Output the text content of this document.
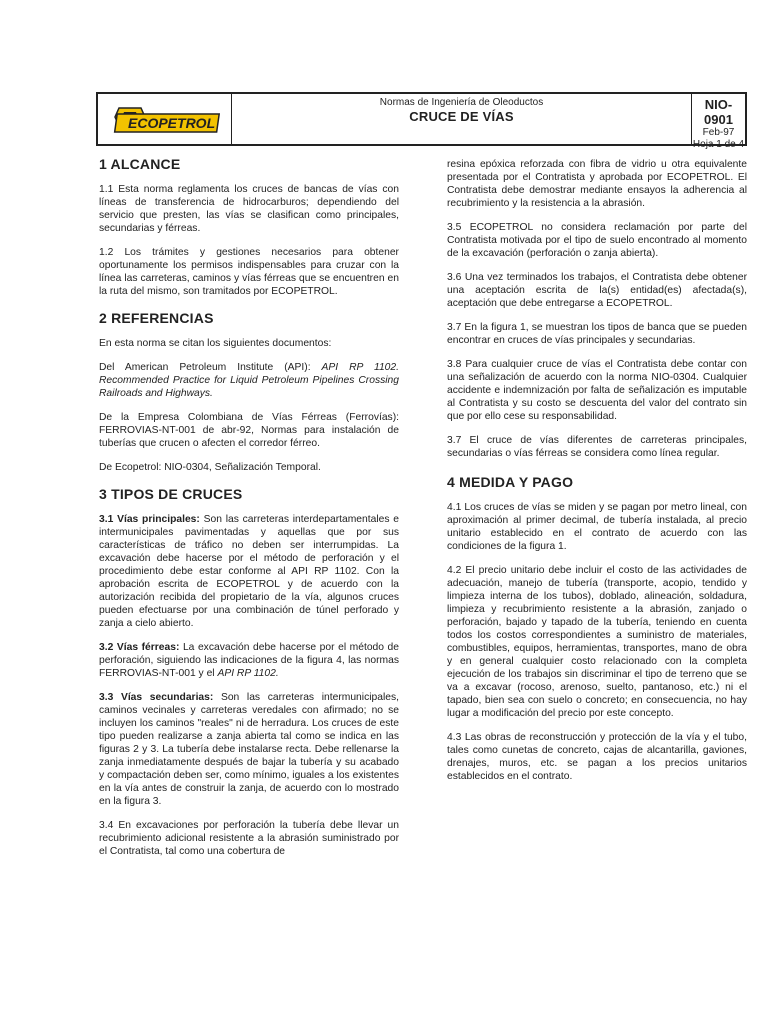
ECOPETROL
Normas de Ingeniería de Oleoductos
CRUCE DE VÍAS
NIO-0901
Feb-97
Hoja 1 de 4
1 ALCANCE

1.1 Esta norma reglamenta los cruces de bancas de vías con líneas de transferencia de hidrocarburos; dependiendo del servicio que presten, las vías se clasifican como principales, secundarias y férreas.

1.2 Los trámites y gestiones necesarios para obtener oportunamente los permisos indispensables para cruzar con la línea las carreteras, caminos y vías férreas que se encuentren en la ruta del mismo, son tramitados por ECOPETROL.

2 REFERENCIAS

En esta norma se citan los siguientes documentos:

Del American Petroleum Institute (API): API RP 1102. Recommended Practice for Liquid Petroleum Pipelines Crossing Railroads and Highways.

De la Empresa Colombiana de Vías Férreas (Ferrovías): FERROVIAS-NT-001 de abr-92, Normas para instalación de tuberías que crucen o afecten el corredor férreo.

De Ecopetrol: NIO-0304, Señalización Temporal.

3 TIPOS DE CRUCES

3.1 Vías principales: Son las carreteras interdepartamentales e intermunicipales pavimentadas y aquellas que por sus características de tráfico no deben ser interrumpidas. La excavación debe hacerse por el método de perforación y el procedimiento debe estar conforme al API RP 1102. Con la aprobación escrita de ECOPETROL y de acuerdo con la autorización recibida del propietario de la vía, algunos cruces pueden efectuarse por una combinación de túnel perforado y zanja a cielo abierto.

3.2 Vías férreas: La excavación debe hacerse por el método de perforación, siguiendo las indicaciones de la figura 4, las normas FERROVIAS-NT-001 y el API RP 1102.

3.3 Vías secundarias: Son las carreteras intermunicipales, caminos vecinales y carreteras veredales con afirmado; no se incluyen los caminos "reales" ni de herradura. Los cruces de este tipo pueden realizarse a zanja abierta tal como se indica en las figuras 2 y 3. La tubería debe instalarse recta. Debe rellenarse la zanja inmediatamente después de bajar la tubería y su acabado y compactación deben ser, como mínimo, iguales a los existentes en la vía antes de construir la zanja, de acuerdo con lo mostrado en la figura 3.

3.4 En excavaciones por perforación la tubería debe llevar un recubrimiento adicional resistente a la abrasión suministrado por el Contratista, tal como una cobertura de

resina epóxica reforzada con fibra de vidrio u otra equivalente presentada por el Contratista y aprobada por ECOPETROL. El Contratista debe demostrar mediante ensayos la adherencia al recubrimiento y la resistencia a la abrasión.

3.5 ECOPETROL no considera reclamación por parte del Contratista motivada por el tipo de suelo encontrado al momento de la excavación (perforación o zanja abierta).

3.6 Una vez terminados los trabajos, el Contratista debe obtener una aceptación escrita de la(s) entidad(es) afectada(s), aceptación que debe entregarse a ECOPETROL.

3.7 En la figura 1, se muestran los tipos de banca que se pueden encontrar en cruces de vías principales y secundarias.

3.8 Para cualquier cruce de vías el Contratista debe contar con una señalización de acuerdo con la norma NIO-0304. Cualquier accidente e indemnización por falta de señalización es imputable al Contratista y su costo se descuenta del valor del contrato sin que por ello cese su responsabilidad.

3.7 El cruce de vías diferentes de carreteras principales, secundarias o vías férreas se considera como línea regular.

4 MEDIDA Y PAGO

4.1 Los cruces de vías se miden y se pagan por metro lineal, con aproximación al primer decimal, de tubería instalada, al precio unitario establecido en el contrato de acuerdo con las condiciones de la figura 1.

4.2 El precio unitario debe incluir el costo de las actividades de adecuación, manejo de tubería (transporte, acopio, tendido y limpieza interna de los tubos), doblado, alineación, soldadura, limpieza y recubrimiento resistente a la abrasión, zanjado o perforación, bajado y tapado de la tubería, teniendo en cuenta todos los costos correspondientes a suministro de materiales, combustibles, equipos, herramientas, transportes, mano de obra y en general cualquier costo relacionado con la completa ejecución de los trabajos sin discriminar el tipo de terreno que se va a excavar (rocoso, arenoso, suelto, pantanoso, etc.) ni el tapado, bien sea con suelo o concreto; en consecuencia, no hay lugar a modificación del precio por este concepto.

4.3 Las obras de reconstrucción y protección de la vía y el tubo, tales como cunetas de concreto, cajas de alcantarilla, gaviones, drenajes, muros, etc. se pagan a los precios unitarios establecidos en el contrato.
